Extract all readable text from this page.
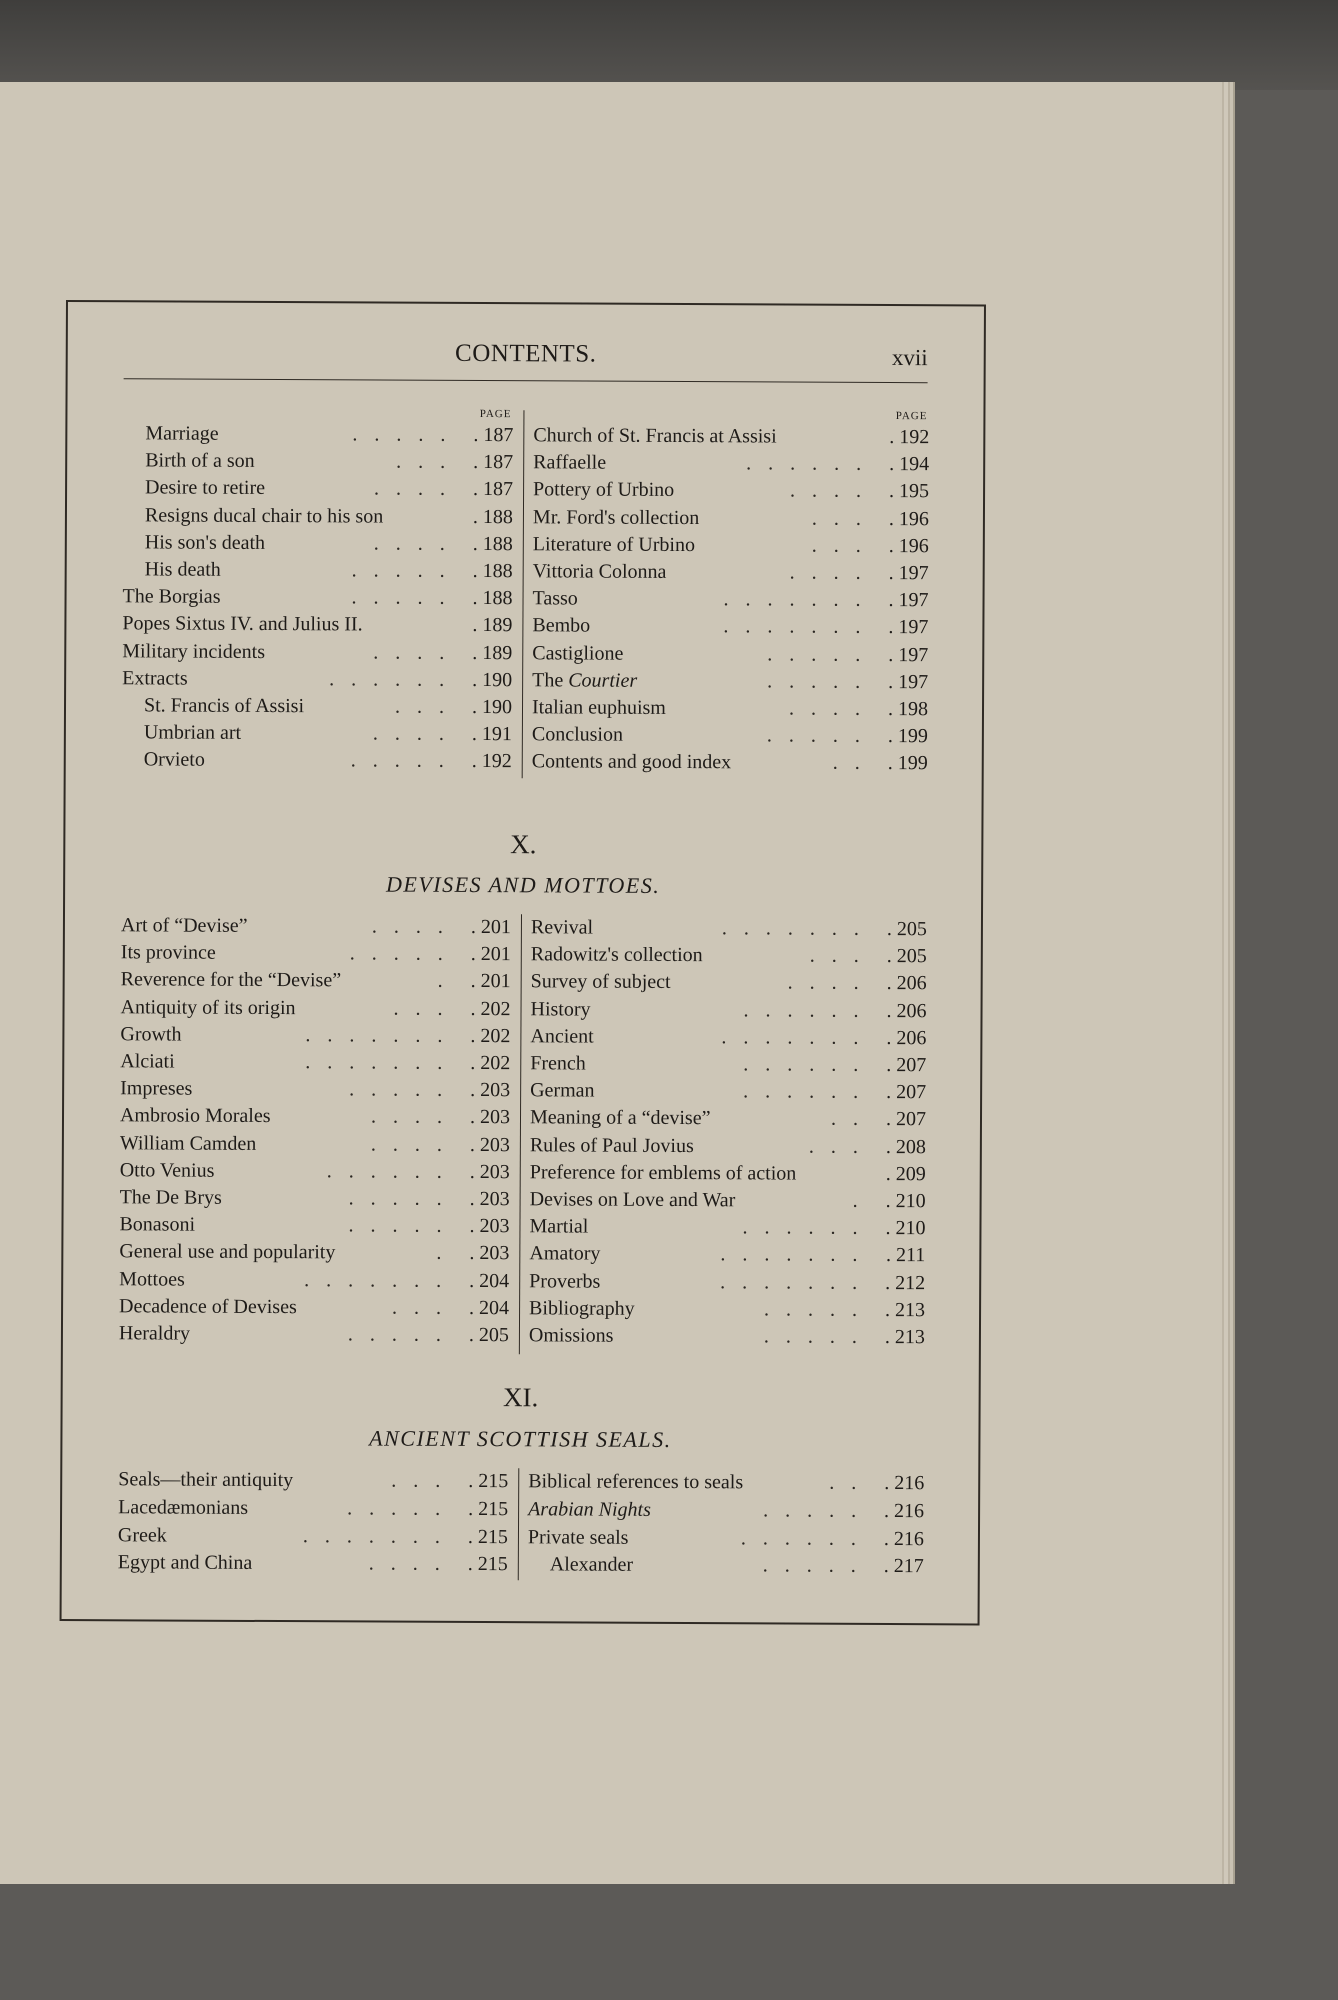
CONTENTS.	xvii
PAGE
Marriage	. . . . . . 187
Birth of a son	. . . . 187
Desire to retire	. . . . . 187
Resigns ducal chair to his son	. 188
His son's death	. . . . . 188
His death	. . . . . . 188
The Borgias	. . . . . . 188
Popes Sixtus IV. and Julius II.	. 189
Military incidents	. . . . . 189
Extracts	. . . . . . . 190
St. Francis of Assisi	. . . . 190
Umbrian art	. . . . . 191
Orvieto	. . . . . . 192
PAGE
Church of St. Francis at Assisi	. 192
Raffaelle	. . . . . . . 194
Pottery of Urbino	. . . . . 195
Mr. Ford's collection	. . . . 196
Literature of Urbino	. . . . 196
Vittoria Colonna	. . . . . 197
Tasso	. . . . . . . . 197
Bembo	. . . . . . . . 197
Castiglione	. . . . . . 197
The Courtier	. . . . . . 197
Italian euphuism	. . . . . 198
Conclusion	. . . . . . 199
Contents and good index	. . . 199
X.
DEVISES AND MOTTOES.
Art of “Devise”	. . . . . 201
Its province	. . . . . . 201
Reverence for the “Devise”	. . 201
Antiquity of its origin	. . . . 202
Growth	. . . . . . . . 202
Alciati	. . . . . . . . 202
Impreses	. . . . . . 203
Ambrosio Morales	. . . . . 203
William Camden	. . . . . 203
Otto Venius	. . . . . . . 203
The De Brys	. . . . . . 203
Bonasoni	. . . . . . 203
General use and popularity	. . 203
Mottoes	. . . . . . . . 204
Decadence of Devises	. . . . 204
Heraldry	. . . . . . 205
Revival	. . . . . . . . 205
Radowitz's collection	. . . . 205
Survey of subject	. . . . . 206
History	. . . . . . . 206
Ancient	. . . . . . . . 206
French	. . . . . . . 207
German	. . . . . . . 207
Meaning of a “devise”	. . . 207
Rules of Paul Jovius	. . . . 208
Preference for emblems of action	. 209
Devises on Love and War	. . 210
Martial	. . . . . . . 210
Amatory	. . . . . . . . 211
Proverbs	. . . . . . . . 212
Bibliography	. . . . . . 213
Omissions	. . . . . . 213
XI.
ANCIENT SCOTTISH SEALS.
Seals—their antiquity	. . . . 215
Lacedæmonians	. . . . . . 215
Greek	. . . . . . . . 215
Egypt and China	. . . . . 215
Biblical references to seals	. . . 216
Arabian Nights	. . . . . . 216
Private seals	. . . . . . . 216
Alexander	. . . . . . 217
